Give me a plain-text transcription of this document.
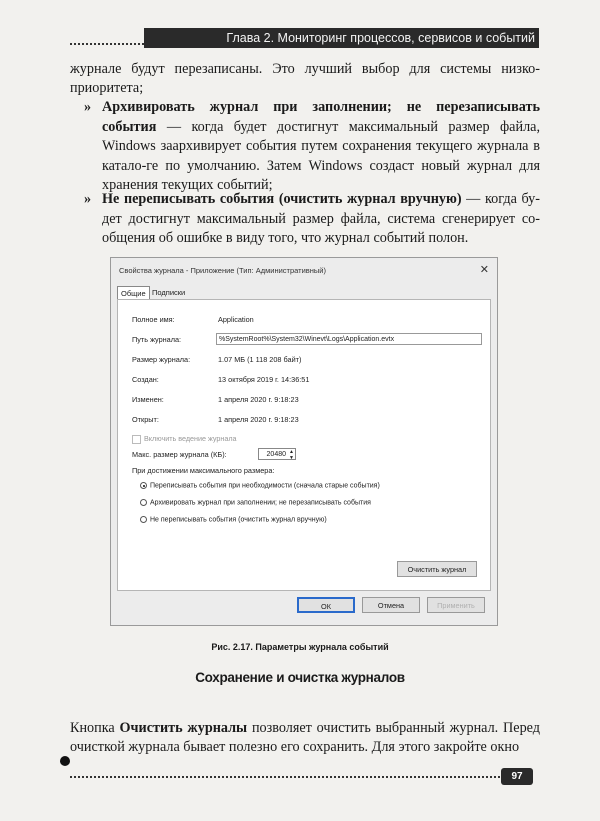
Глава 2. Мониторинг процессов, сервисов и событий
журнале будут перезаписаны. Это лучший выбор для системы низко-приоритета;
» Архивировать журнал при заполнении; не перезаписывать события — когда будет достигнут максимальный размер файла, Windows заархивирует события путем сохранения текущего журнала в катало-ге по умолчанию. Затем Windows создаст новый журнал для хранения текущих событий;
» Не переписывать события (очистить журнал вручную) — когда бу-дет достигнут максимальный размер файла, система сгенерирует со-общения об ошибке в виду того, что журнал событий полон.
Свойства журнала - Приложение (Тип: Административный)	✕
Общие Подписки
Полное имя:	Application
Путь журнала:	%SystemRoot%\System32\Winevt\Logs\Application.evtx
Размер журнала:	1.07 МБ (1 118 208 байт)
Создан:	13 октября 2019 г. 14:36:51
Изменен:	1 апреля 2020 г. 9:18:23
Открыт:	1 апреля 2020 г. 9:18:23
Включить ведение журнала
Макс. размер журнала (КБ):	20480 ▲
▼
При достижении максимального размера:
Переписывать события при необходимости (сначала старые события)
Архивировать журнал при заполнении; не перезаписывать события
Не переписывать события (очистить журнал вручную)
Очистить журнал
ОК	Отмена	Применить
Рис. 2.17. Параметры журнала событий
Сохранение и очистка журналов
Кнопка Очистить журналы позволяет очистить выбранный журнал. Перед очисткой журнала бывает полезно его сохранить. Для этого закройте окно
97
